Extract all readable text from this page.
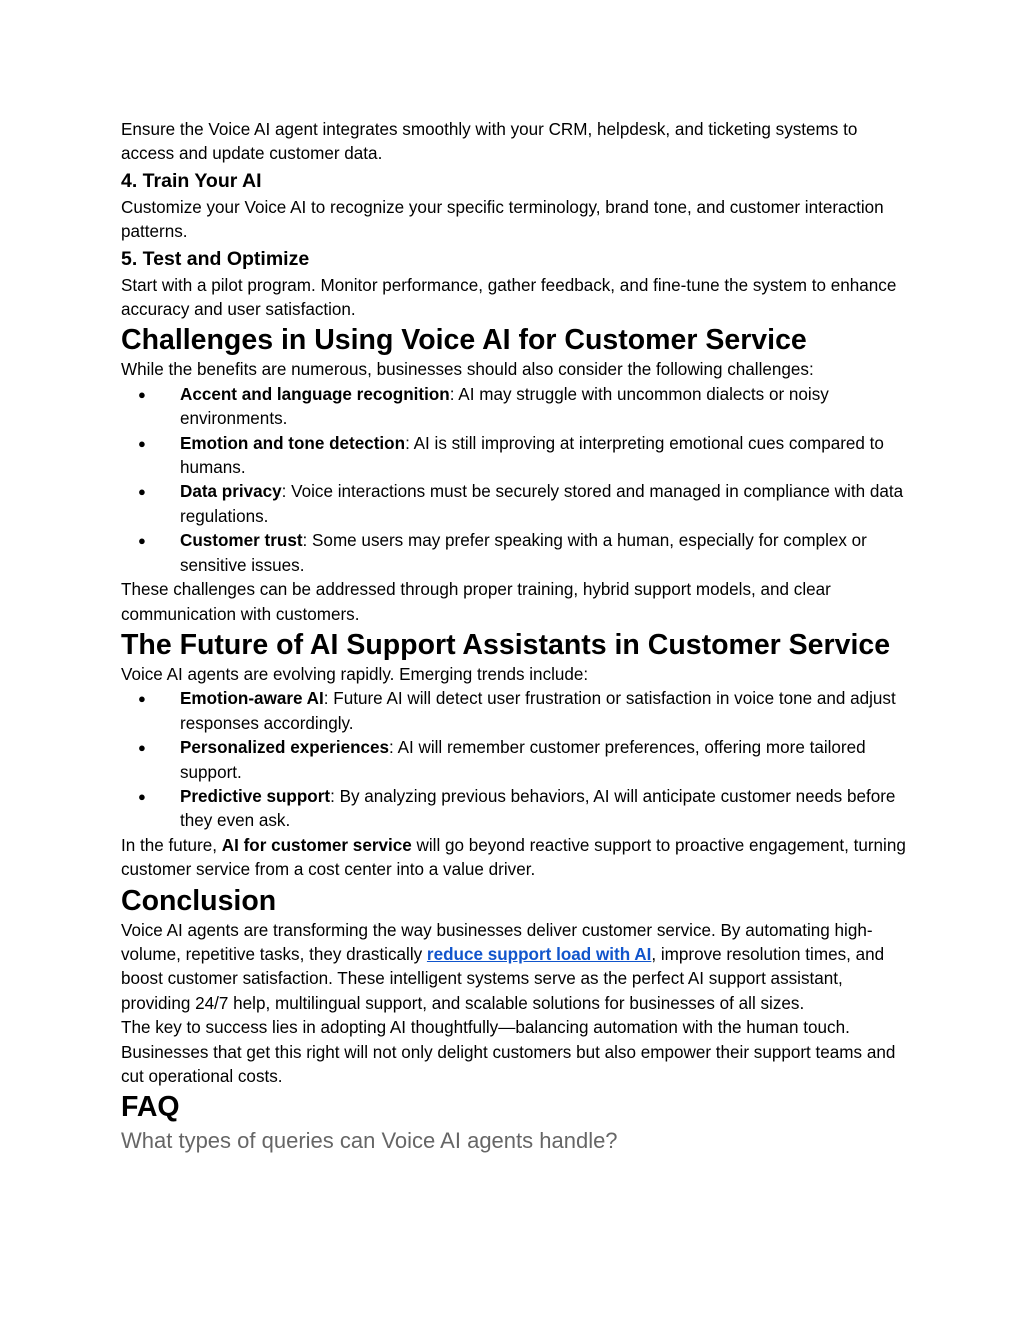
Ensure the Voice AI agent integrates smoothly with your CRM, helpdesk, and ticketing systems to access and update customer data.

4. Train Your AI

Customize your Voice AI to recognize your specific terminology, brand tone, and customer interaction patterns.

5. Test and Optimize

Start with a pilot program. Monitor performance, gather feedback, and fine-tune the system to enhance accuracy and user satisfaction.

Challenges in Using Voice AI for Customer Service

While the benefits are numerous, businesses should also consider the following challenges:

● Accent and language recognition: AI may struggle with uncommon dialects or noisy environments.
● Emotion and tone detection: AI is still improving at interpreting emotional cues compared to humans.
● Data privacy: Voice interactions must be securely stored and managed in compliance with data regulations.
● Customer trust: Some users may prefer speaking with a human, especially for complex or sensitive issues.

These challenges can be addressed through proper training, hybrid support models, and clear communication with customers.

The Future of AI Support Assistants in Customer Service

Voice AI agents are evolving rapidly. Emerging trends include:

● Emotion-aware AI: Future AI will detect user frustration or satisfaction in voice tone and adjust responses accordingly.
● Personalized experiences: AI will remember customer preferences, offering more tailored support.
● Predictive support: By analyzing previous behaviors, AI will anticipate customer needs before they even ask.

In the future, AI for customer service will go beyond reactive support to proactive engagement, turning customer service from a cost center into a value driver.

Conclusion

Voice AI agents are transforming the way businesses deliver customer service. By automating high-volume, repetitive tasks, they drastically reduce support load with AI, improve resolution times, and boost customer satisfaction. These intelligent systems serve as the perfect AI support assistant, providing 24/7 help, multilingual support, and scalable solutions for businesses of all sizes.

The key to success lies in adopting AI thoughtfully—balancing automation with the human touch. Businesses that get this right will not only delight customers but also empower their support teams and cut operational costs.

FAQ
What types of queries can Voice AI agents handle?
